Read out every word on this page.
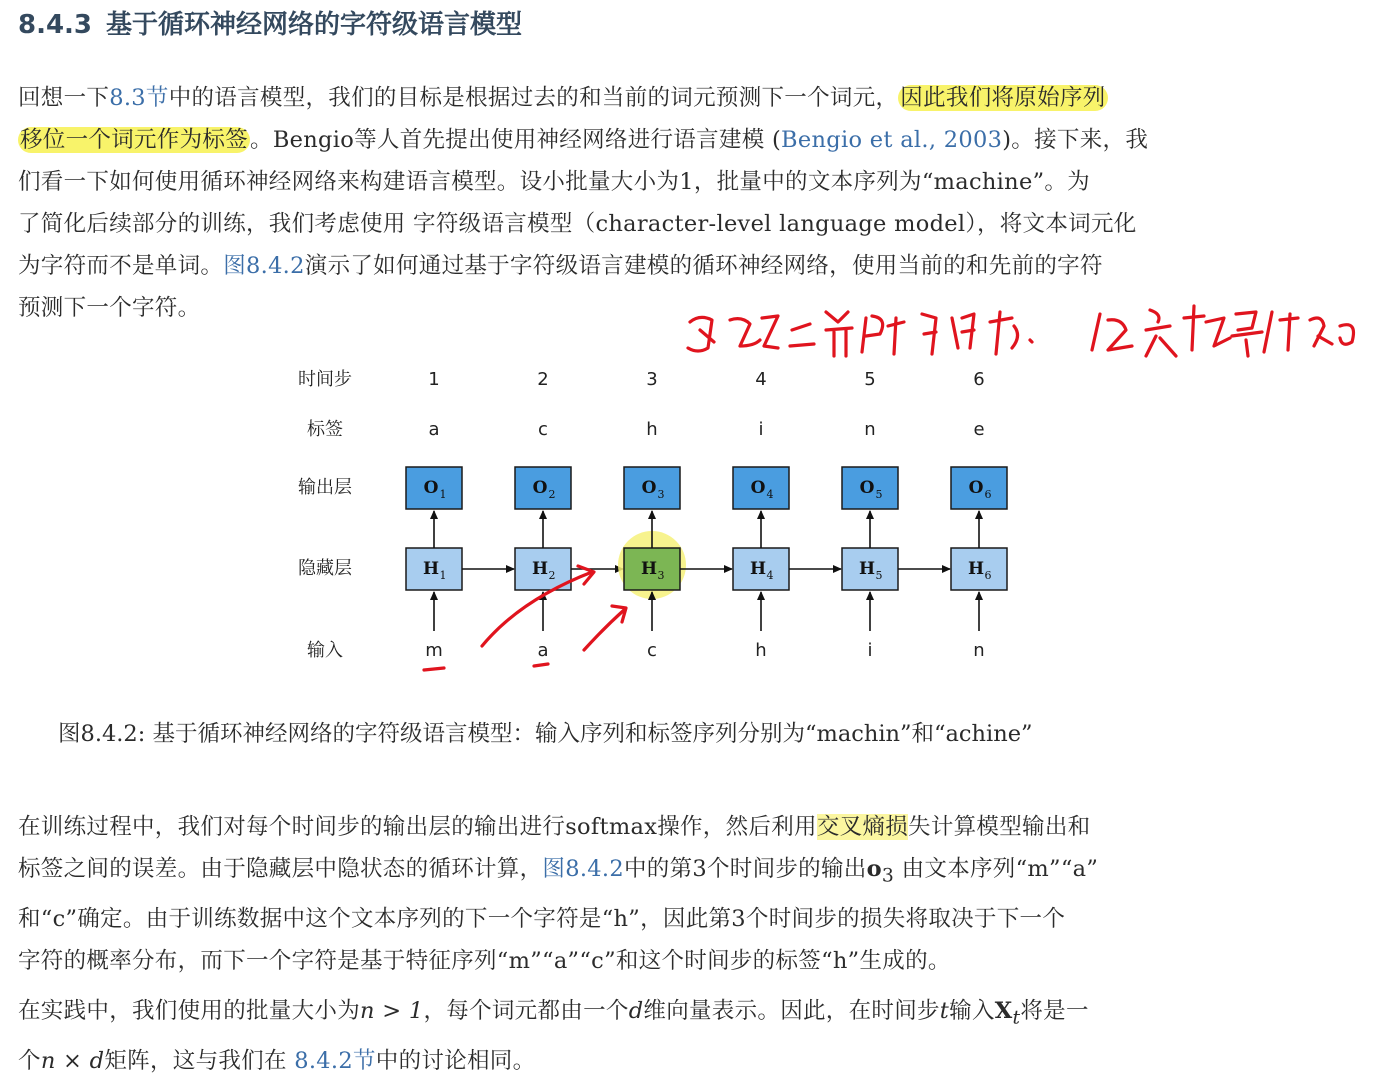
8.4.3 基于循环神经网络的字符级语言模型

回想一下8.3节中的语言模型，我们的目标是根据过去的和当前的词元预测下一个词元，因此我们将原始序列

移位一个词元作为标签。Bengio等人首先提出使用神经网络进行语言建模 (Bengio et al., 2003)。接下来，我

们看一下如何使用循环神经网络来构建语言模型。设小批量大小为1，批量中的文本序列为“machine”。为

了简化后续部分的训练，我们考虑使用 字符级语言模型（character-level language model），将文本词元化

为字符而不是单词。图8.4.2演示了如何通过基于字符级语言建模的循环神经网络，使用当前的和先前的字符

预测下一个字符。

时间步
标签
输出层
隐藏层
输入
1
a
O 1
H 1
m
2
c
O 2
H 2
a
3
h
O 3
H 3
c
4
i
O 4
H 4
h
5
n
O 5
H 5
i
6
e
O 6
H 6
n
图8.4.2: 基于循环神经网络的字符级语言模型：输入序列和标签序列分别为“machin”和“achine”

在训练过程中，我们对每个时间步的输出层的输出进行softmax操作，然后利用交叉熵损失计算模型输出和

标签之间的误差。由于隐藏层中隐状态的循环计算，图8.4.2中的第3个时间步的输出$o_3$ 由文本序列“m”“a”

和“c”确定。由于训练数据中这个文本序列的下一个字符是“h”，因此第3个时间步的损失将取决于下一个

字符的概率分布，而下一个字符是基于特征序列“m”“a”“c”和这个时间步的标签“h”生成的。

在实践中，我们使用的批量大小为n > 1，每个词元都由一个d维向量表示。因此，在时间步t输入$X_t$将是一

个n × d矩阵，这与我们在 8.4.2节中的讨论相同。
